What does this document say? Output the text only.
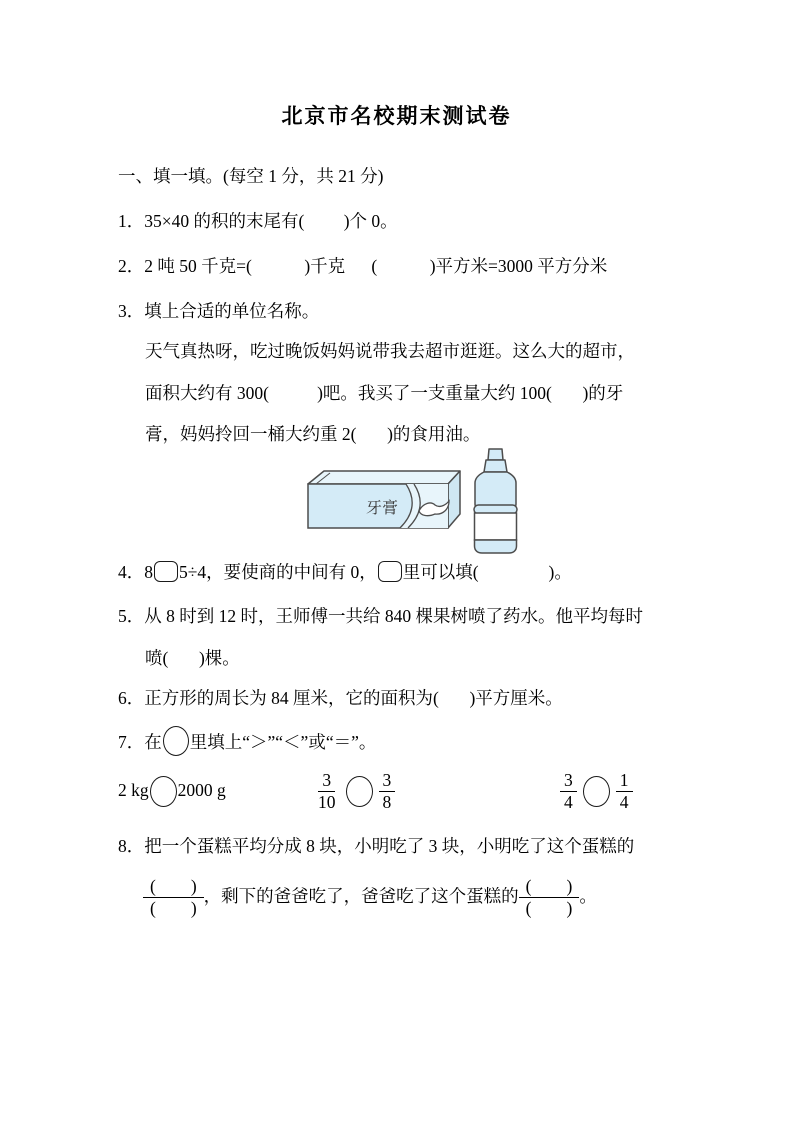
北京市名校期末测试卷
一、填一填。(每空 1 分，共 21 分)
1．35×40 的积的末尾有(         )个 0。
2．2 吨 50 千克=(            )千克      (            )平方米=3000 平方分米
3．填上合适的单位名称。
天气真热呀，吃过晚饭妈妈说带我去超市逛逛。这么大的超市，
面积大约有 300(           )吧。我买了一支重量大约 100(       )的牙
膏，妈妈拎回一桶大约重 2(       )的食用油。
牙膏
4．8 5÷4，要使商的中间有 0， 里可以填(                )。
5．从 8 时到 12 时，王师傅一共给 840 棵果树喷了药水。他平均每时
喷(       )棵。
6．正方形的周长为 84 厘米，它的面积为(       )平方厘米。
7．在 里填上“＞”“＜”或“＝”。
2 kg 2000 g	$\frac{3}{10} \frac{3}{8}$	$\frac{3}{4} \frac{1}{4}$
8．把一个蛋糕平均分成 8 块，小明吃了 3 块，小明吃了这个蛋糕的
$\frac{( )}{( )}$ ，剩下的爸爸吃了，爸爸吃了这个蛋糕的 $\frac{( )}{( )}$ 。
